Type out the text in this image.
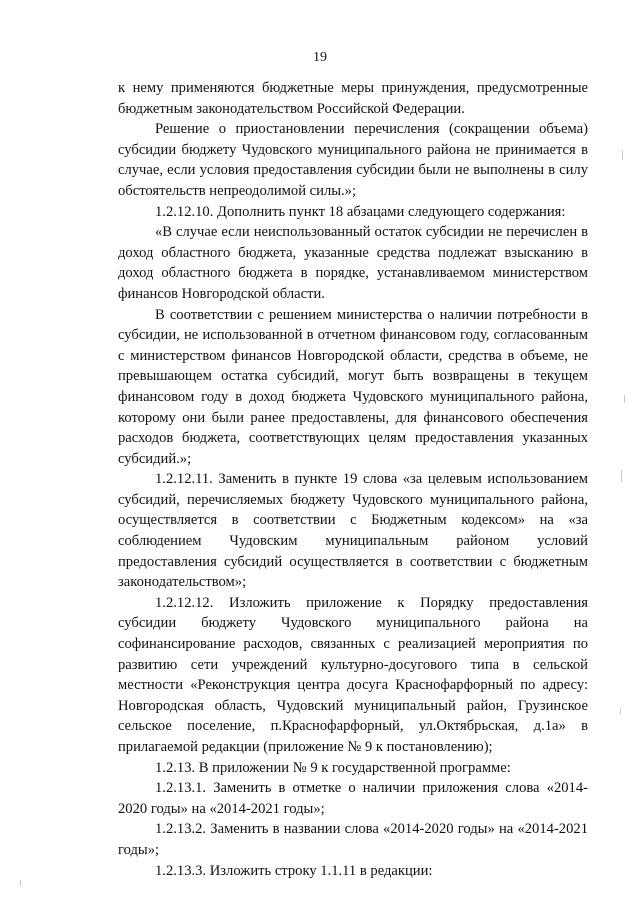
19

к нему применяются бюджетные меры принуждения, предусмотренные бюджетным законодательством Российской Федерации.

Решение о приостановлении перечисления (сокращении объема) субсидии бюджету Чудовского муниципального района не принимается в случае, если условия предоставления субсидии были не выполнены в силу обстоятельств непреодолимой силы.»;

1.2.12.10. Дополнить пункт 18 абзацами следующего содержания:

«В случае если неиспользованный остаток субсидии не перечислен в доход областного бюджета, указанные средства подлежат взысканию в доход областного бюджета в порядке, устанавливаемом министерством финансов Новгородской области.

В соответствии с решением министерства о наличии потребности в субсидии, не использованной в отчетном финансовом году, согласованным с министерством финансов Новгородской области, средства в объеме, не превышающем остатка субсидий, могут быть возвращены в текущем финансовом году в доход бюджета Чудовского муниципального района, которому они были ранее предоставлены, для финансового обеспечения расходов бюджета, соответствующих целям предоставления указанных субсидий.»;

1.2.12.11. Заменить в пункте 19 слова «за целевым использованием субсидий, перечисляемых бюджету Чудовского муниципального района, осуществляется в соответствии с Бюджетным кодексом» на «за соблюдением Чудовским муниципальным районом условий предоставления субсидий осуществляется в соответствии с бюджетным законодательством»;

1.2.12.12. Изложить приложение к Порядку предоставления субсидии бюджету Чудовского муниципального района на софинансирование расходов, связанных с реализацией мероприятия по развитию сети учреждений культурно-досугового типа в сельской местности «Реконструкция центра досуга Краснофарфорный по адресу: Новгородская область, Чудовский муниципальный район, Грузинское сельское поселение, п.Краснофарфорный, ул.Октябрьская, д.1а» в прилагаемой редакции (приложение № 9 к постановлению);

1.2.13. В приложении № 9 к государственной программе:

1.2.13.1. Заменить в отметке о наличии приложения слова «2014-2020 годы» на «2014-2021 годы»;

1.2.13.2. Заменить в названии слова «2014-2020 годы» на «2014-2021 годы»;

1.2.13.3. Изложить строку 1.1.11 в редакции:
